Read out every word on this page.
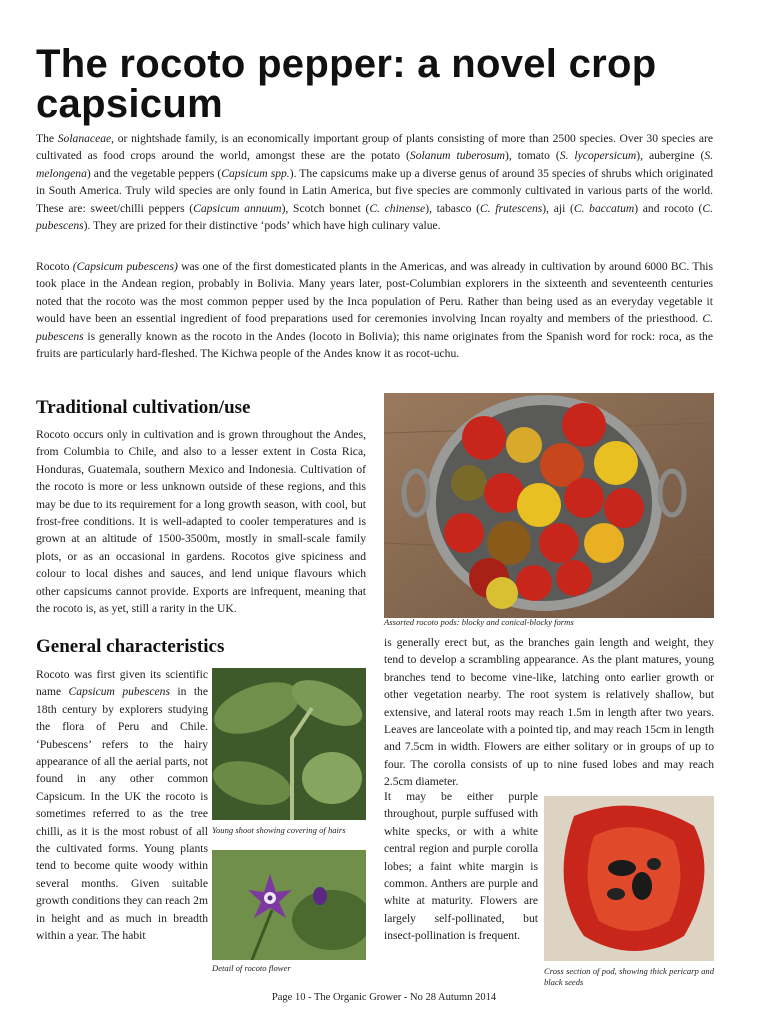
The rocoto pepper: a novel crop capsicum
The Solanaceae, or nightshade family, is an economically important group of plants consisting of more than 2500 species. Over 30 species are cultivated as food crops around the world, amongst these are the potato (Solanum tuberosum), tomato (S. lycopersicum), aubergine (S. melongena) and the vegetable peppers (Capsicum spp.). The capsicums make up a diverse genus of around 35 species of shrubs which originated in South America. Truly wild species are only found in Latin America, but five species are commonly cultivated in various parts of the world. These are: sweet/chilli peppers (Capsicum annuum), Scotch bonnet (C. chinense), tabasco (C. frutescens), aji (C. baccatum) and rocoto (C. pubescens). They are prized for their distinctive ‘pods’ which have high culinary value.
Rocoto (Capsicum pubescens) was one of the first domesticated plants in the Americas, and was already in cultivation by around 6000 BC. This took place in the Andean region, probably in Bolivia. Many years later, post-Columbian explorers in the sixteenth and seventeenth centuries noted that the rocoto was the most common pepper used by the Inca population of Peru. Rather than being used as an everyday vegetable it would have been an essential ingredient of food preparations used for ceremonies involving Incan royalty and members of the priesthood. C. pubescens is generally known as the rocoto in the Andes (locoto in Bolivia); this name originates from the Spanish word for rock: roca, as the fruits are particularly hard-fleshed. The Kichwa people of the Andes know it as rocot-uchu.
Traditional cultivation/use
Rocoto occurs only in cultivation and is grown throughout the Andes, from Columbia to Chile, and also to a lesser extent in Costa Rica, Honduras, Guatemala, southern Mexico and Indonesia. Cultivation of the rocoto is more or less unknown outside of these regions, and this may be due to its requirement for a long growth season, with cool, but frost-free conditions. It is well-adapted to cooler temperatures and is grown at an altitude of 1500-3500m, mostly in small-scale family plots, or as an occasional in gardens. Rocotos give spiciness and colour to local dishes and sauces, and lend unique flavours which other capsicums cannot provide. Exports are infrequent, meaning that the rocoto is, as yet, still a rarity in the UK.
Assorted rocoto pods: blocky and conical-blocky forms
General characteristics
Rocoto was first given its scientific name Capsicum pubescens in the 18th century by explorers studying the flora of Peru and Chile. ‘Pubescens’ refers to the hairy appearance of all the aerial parts, not found in any other common Capsicum. In the UK the rocoto is sometimes referred to as the tree chilli, as it is the most robust of all the cultivated forms. Young plants tend to become quite woody within several months. Given suitable growth conditions they can reach 2m in height and as much in breadth within a year. The habit
Young shoot showing covering of hairs
Detail of rocoto flower
is generally erect but, as the branches gain length and weight, they tend to develop a scrambling appearance. As the plant matures, young branches tend to become vine-like, latching onto earlier growth or other vegetation nearby. The root system is relatively shallow, but extensive, and lateral roots may reach 1.5m in length after two years. Leaves are lanceolate with a pointed tip, and may reach 15cm in length and 7.5cm in width. Flowers are either solitary or in groups of up to four. The corolla consists of up to nine fused lobes and may reach 2.5cm diameter.
It may be either purple throughout, purple suffused with white specks, or with a white central region and purple corolla lobes; a faint white margin is common. Anthers are purple and white at maturity. Flowers are largely self-pollinated, but insect-pollination is frequent.
Cross section of pod, showing thick pericarp and black seeds
Page 10 - The Organic Grower - No 28 Autumn 2014
